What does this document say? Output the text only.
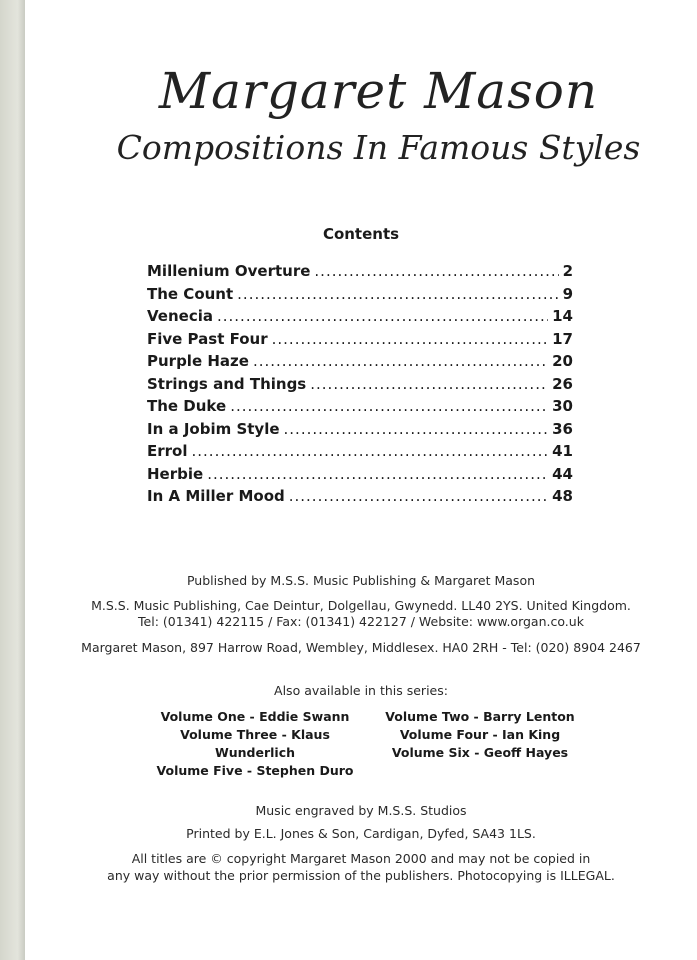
Margaret Mason
Compositions In Famous Styles
Contents
Millenium Overture .....	2
The Count .....	9
Venecia .....	14
Five Past Four .....	17
Purple Haze .....	20
Strings and Things .....	26
The Duke .....	30
In a Jobim Style .....	36
Errol .....	41
Herbie .....	44
In A Miller Mood .....	48
Published by M.S.S. Music Publishing & Margaret Mason
M.S.S. Music Publishing, Cae Deintur, Dolgellau, Gwynedd. LL40 2YS. United Kingdom.
Tel: (01341) 422115 / Fax: (01341) 422127 / Website: www.organ.co.uk
Margaret Mason, 897 Harrow Road, Wembley, Middlesex. HA0 2RH - Tel: (020) 8904 2467
Also available in this series:
Volume One - Eddie Swann
Volume Three - Klaus Wunderlich
Volume Five - Stephen Duro
Volume Two - Barry Lenton
Volume Four - Ian King
Volume Six - Geoff Hayes
Music engraved by M.S.S. Studios
Printed by E.L. Jones & Son, Cardigan, Dyfed, SA43 1LS.
All titles are © copyright Margaret Mason 2000 and may not be copied in
any way without the prior permission of the publishers. Photocopying is ILLEGAL.
